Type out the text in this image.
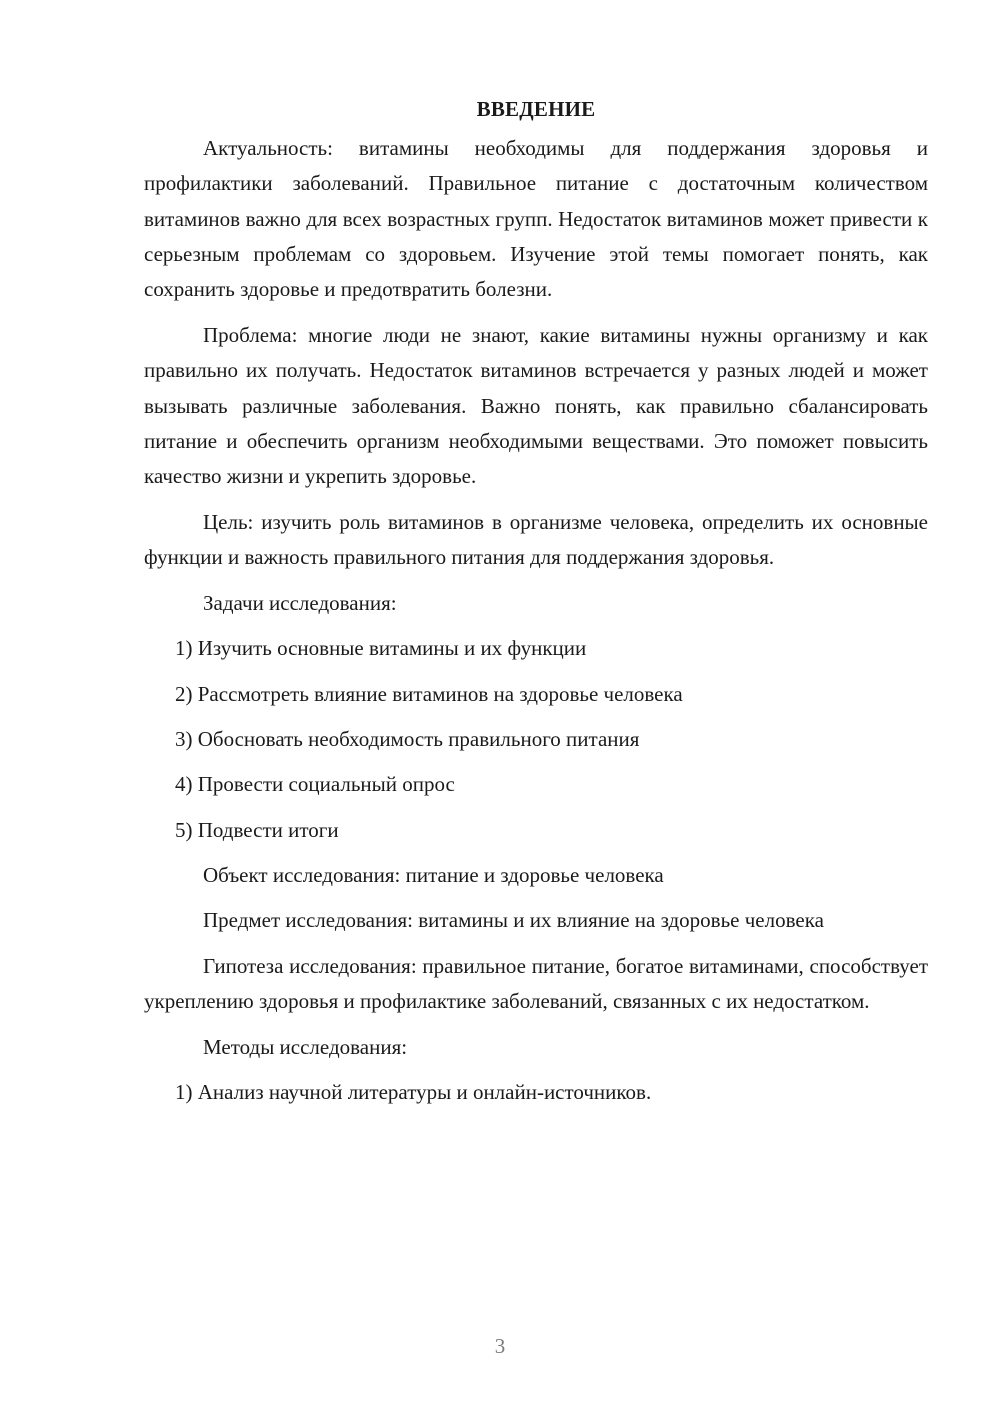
ВВЕДЕНИЕ

Актуальность: витамины необходимы для поддержания здоровья и профилактики заболеваний. Правильное питание с достаточным количеством витаминов важно для всех возрастных групп. Недостаток витаминов может привести к серьезным проблемам со здоровьем. Изучение этой темы помогает понять, как сохранить здоровье и предотвратить болезни.

Проблема: многие люди не знают, какие витамины нужны организму и как правильно их получать. Недостаток витаминов встречается у разных людей и может вызывать различные заболевания. Важно понять, как правильно сбалансировать питание и обеспечить организм необходимыми веществами. Это поможет повысить качество жизни и укрепить здоровье.

Цель: изучить роль витаминов в организме человека, определить их основные функции и важность правильного питания для поддержания здоровья.

Задачи исследования:
1) Изучить основные витамины и их функции
2) Рассмотреть влияние витаминов на здоровье человека
3) Обосновать необходимость правильного питания
4) Провести социальный опрос
5) Подвести итоги
Объект исследования: питание и здоровье человека

Предмет исследования: витамины и их влияние на здоровье человека

Гипотеза исследования: правильное питание, богатое витаминами, способствует укреплению здоровья и профилактике заболеваний, связанных с их недостатком.

Методы исследования:
1) Анализ научной литературы и онлайн-источников.
3
